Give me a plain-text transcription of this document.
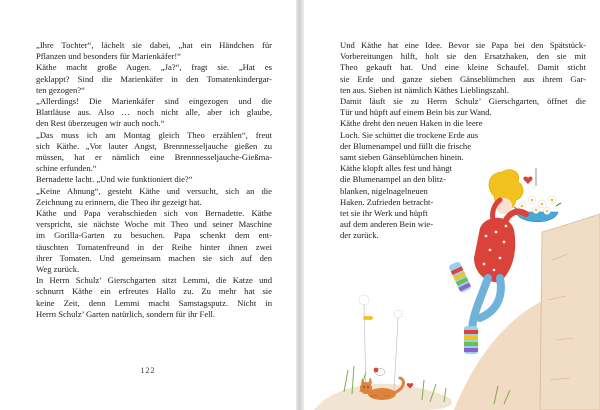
„Ihre Tochter“, lächelt sie dabei, „hat ein Händchen für
Pflanzen und besonders für Marienkäfer!“
Käthe macht große Augen. „Ja?“, fragt sie. „Hat es
geklappt? Sind die Marienkäfer in den Tomatenkindergar-
ten gezogen?“
„Allerdings! Die Marienkäfer sind eingezogen und die
Blattläuse aus. Also … noch nicht alle, aber ich glaube,
den Rest überzeugen wir auch noch.“
„Das muss ich am Montag gleich Theo erzählen“, freut
sich Käthe. „Vor lauter Angst, Brennnesseljauche gießen zu
müssen, hat er nämlich eine Brennnesseljauche-Gießma-
schine erfunden.“
Bernadette lacht. „Und wie funktioniert die?“
„Keine Ahnung“, gesteht Käthe und versucht, sich an die
Zeichnung zu erinnern, die Theo ihr gezeigt hat.
Käthe und Papa verabschieden sich von Bernadette. Käthe
verspricht, sie nächste Woche mit Theo und seiner Maschine
im Gorilla-Garten zu besuchen. Papa schenkt dem ent-
täuschten Tomatenfreund in der Reihe hinter ihnen zwei
ihrer Tomaten. Und gemeinsam machen sie sich auf den
Weg zurück.
In Herrn Schulz’ Gierschgarten sitzt Lemmi, die Katze und
schnurrt Käthe ein erfreutes Hallo zu. Zu mehr hat sie
keine Zeit, denn Lemmi macht Samstagsputz. Nicht in
Herrn Schulz’ Garten natürlich, sondern für ihr Fell.
122
Und Käthe hat eine Idee. Bevor sie Papa bei den Spätstück-
Vorbereitungen hilft, holt sie den Ersatzhaken, den sie mit
Theo gekauft hat. Und eine kleine Schaufel. Damit sticht
sie Erde und ganze sieben Gänseblümchen aus ihrem Gar-
ten aus. Sieben ist nämlich Käthes Lieblingszahl.
Damit läuft sie zu Herrn Schulz’ Gierschgarten, öffnet die
Tür und hüpft auf einem Bein bis zur Wand.
Käthe dreht den neuen Haken in die leere
Loch. Sie schüttet die trockene Erde aus
der Blumenampel und füllt die frische
samt sieben Gänseblümchen hinein.
Käthe klopft alles fest und hängt
die Blumenampel an den blitz-
blanken, nigelnagelneuen
Haken. Zufrieden betracht-
tet sie ihr Werk und hüpft
auf dem anderen Bein wie-
der zurück.
